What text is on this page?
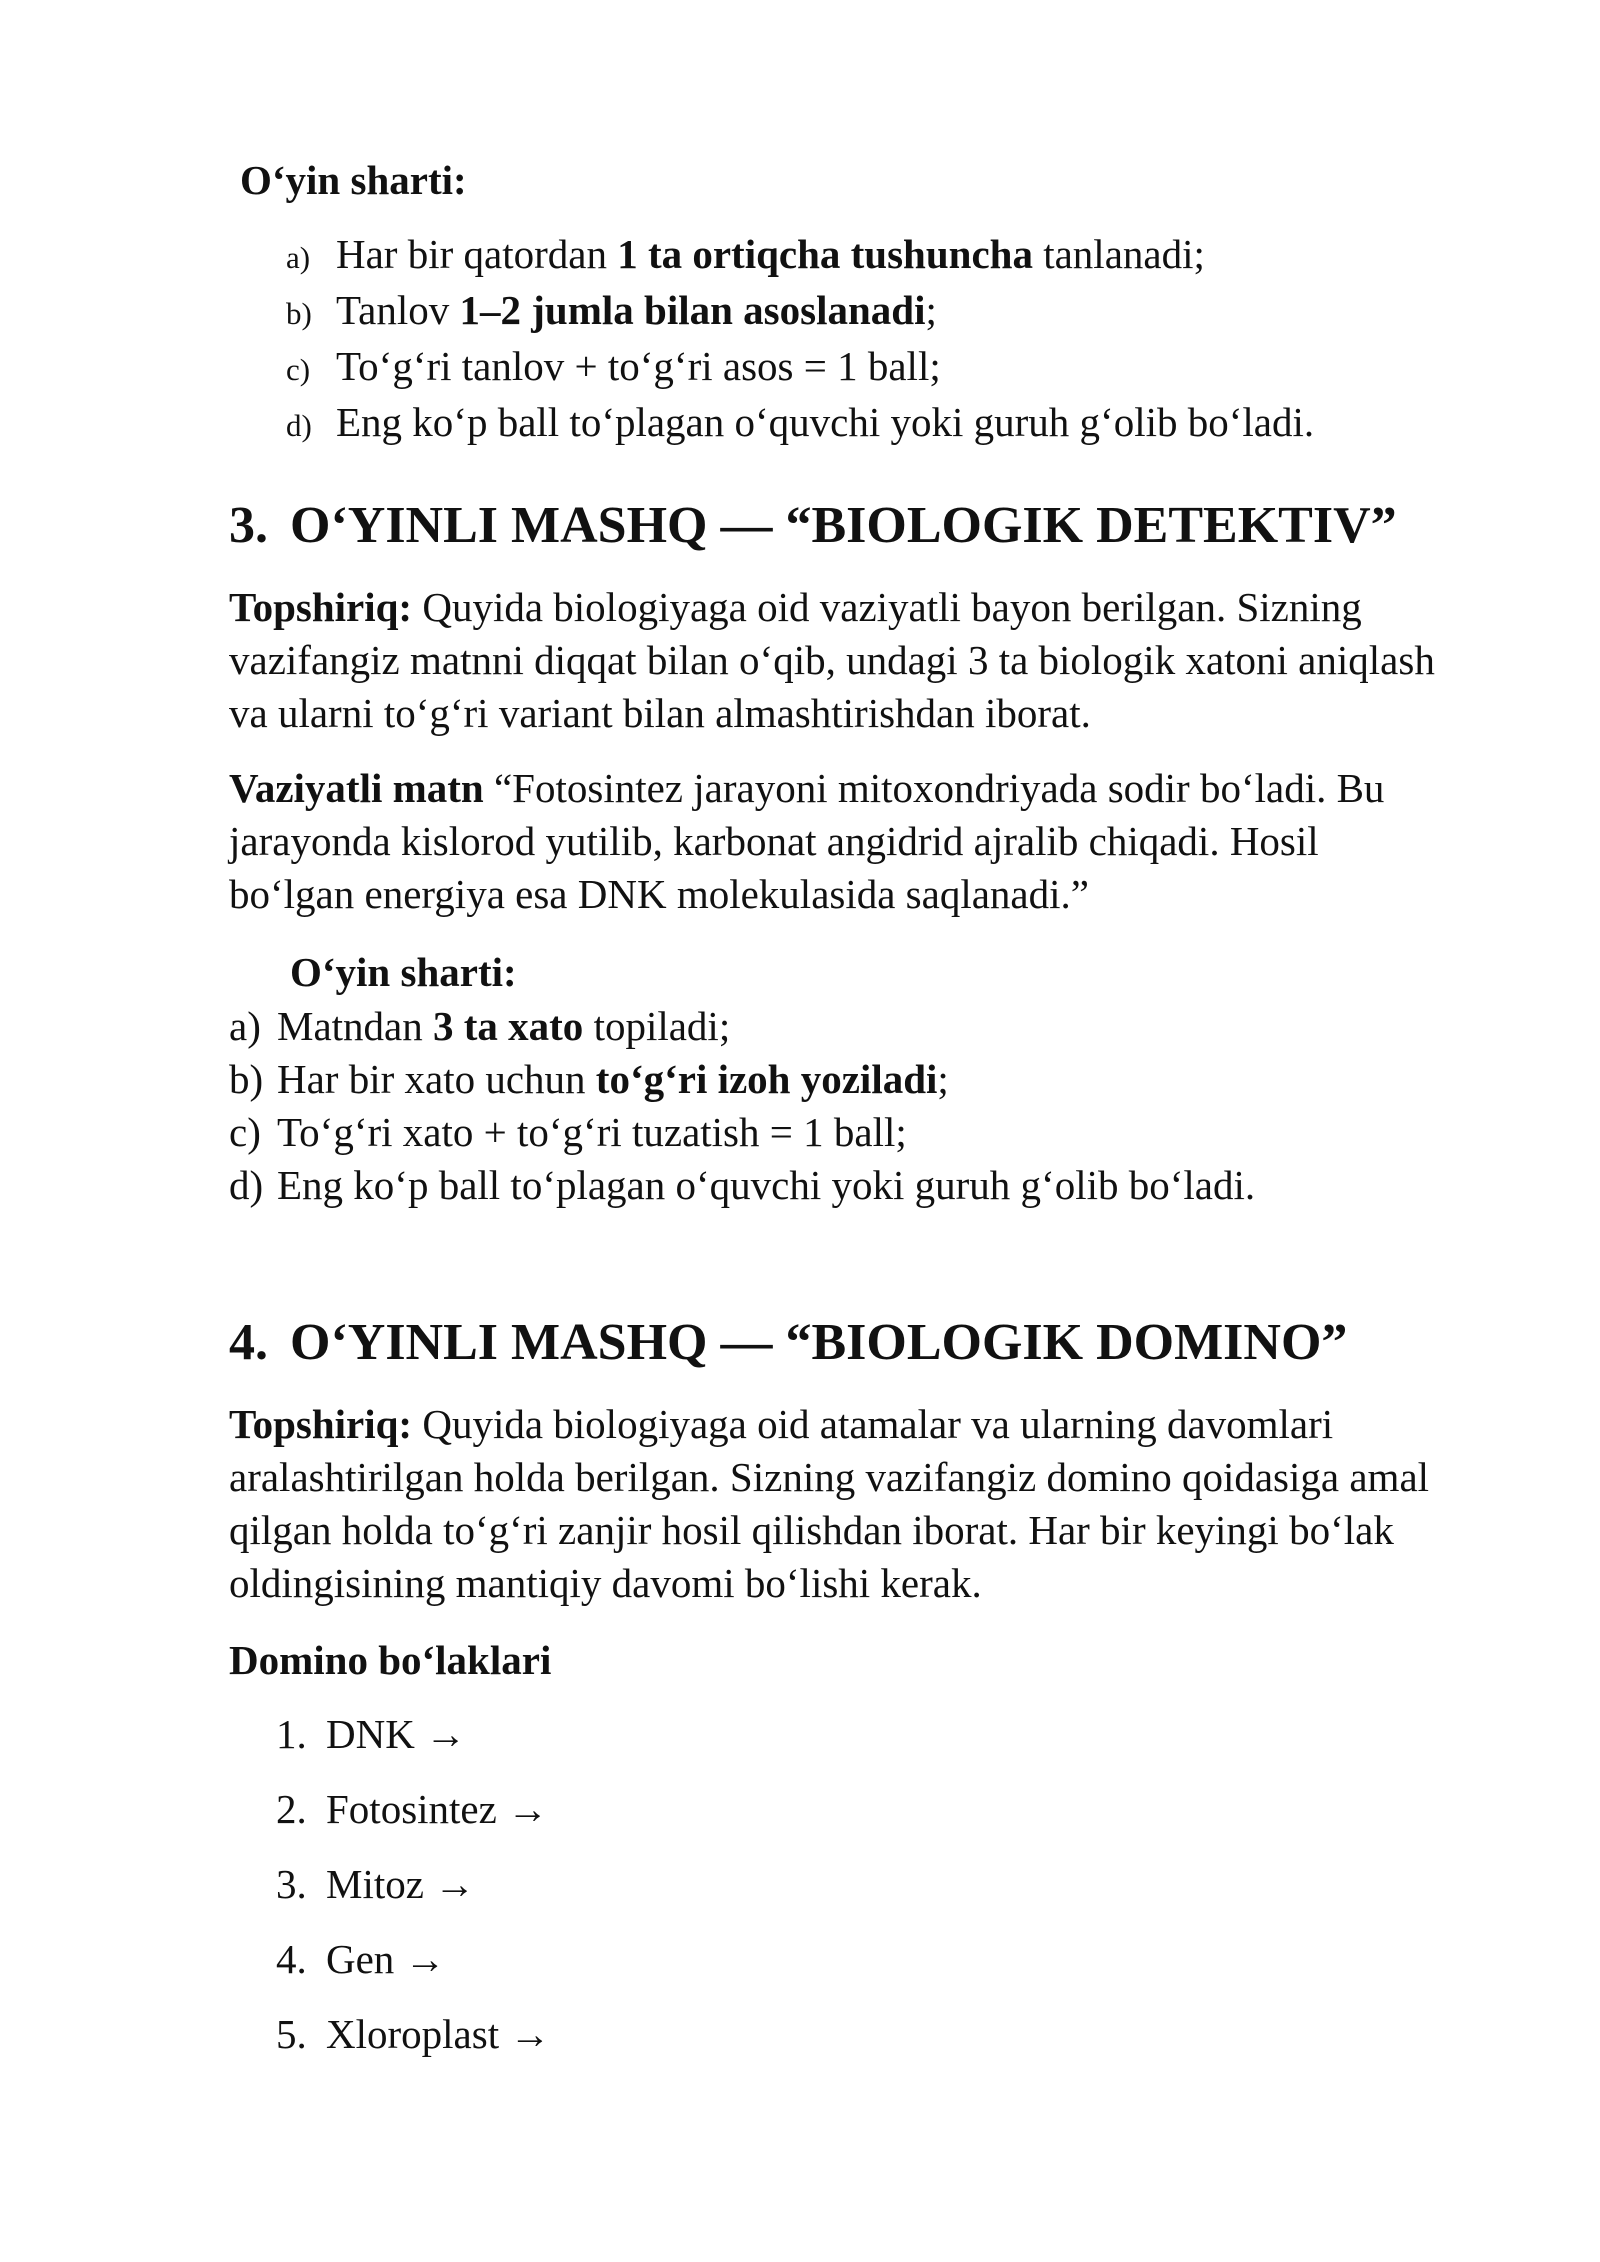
O‘yin sharti:

a) Har bir qatordan 1 ta ortiqcha tushuncha tanlanadi;
b) Tanlov 1–2 jumla bilan asoslanadi;
c) To‘g‘ri tanlov + to‘g‘ri asos = 1 ball;
d) Eng ko‘p ball to‘plagan o‘quvchi yoki guruh g‘olib bo‘ladi.
3. O‘YINLI MASHQ — “BIOLOGIK DETEKTIV”

Topshiriq: Quyida biologiyaga oid vaziyatli bayon berilgan. Sizning vazifangiz matnni diqqat bilan o‘qib, undagi 3 ta biologik xatoni aniqlash va ularni to‘g‘ri variant bilan almashtirishdan iborat.

Vaziyatli matn “Fotosintez jarayoni mitoxondriyada sodir bo‘ladi. Bu jarayonda kislorod yutilib, karbonat angidrid ajralib chiqadi. Hosil bo‘lgan energiya esa DNK molekulasida saqlanadi.”

O‘yin sharti:

a) Matndan 3 ta xato topiladi;
b) Har bir xato uchun to‘g‘ri izoh yoziladi;
c) To‘g‘ri xato + to‘g‘ri tuzatish = 1 ball;
d) Eng ko‘p ball to‘plagan o‘quvchi yoki guruh g‘olib bo‘ladi.
4. O‘YINLI MASHQ — “BIOLOGIK DOMINO”

Topshiriq: Quyida biologiyaga oid atamalar va ularning davomlari aralashtirilgan holda berilgan. Sizning vazifangiz domino qoidasiga amal qilgan holda to‘g‘ri zanjir hosil qilishdan iborat. Har bir keyingi bo‘lak oldingisining mantiqiy davomi bo‘lishi kerak.

Domino bo‘laklari

1. DNK →
2. Fotosintez →
3. Mitoz →
4. Gen →
5. Xloroplast →
